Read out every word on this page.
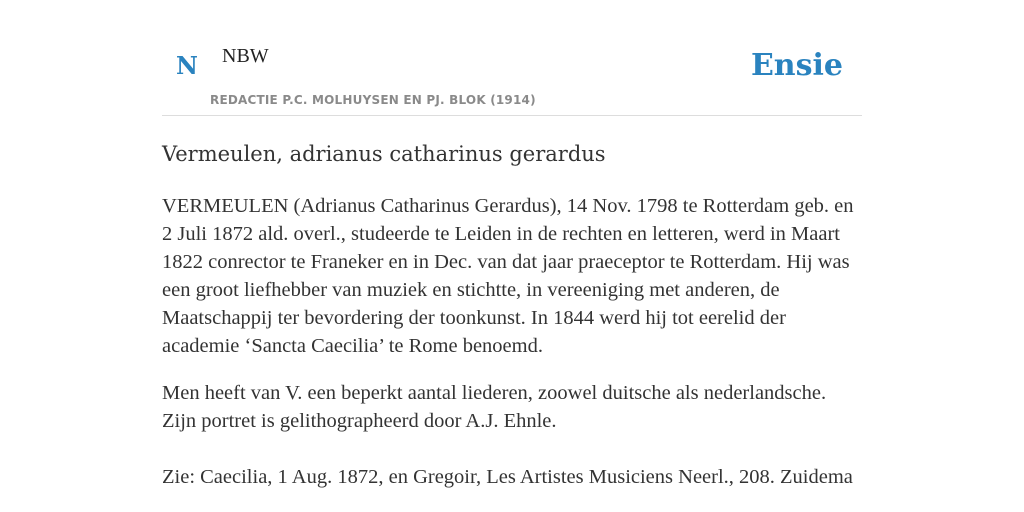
N NBW	Ensie
REDACTIE P.C. MOLHUYSEN EN PJ. BLOK (1914)
Vermeulen, adrianus catharinus gerardus

VERMEULEN (Adrianus Catharinus Gerardus), 14 Nov. 1798 te Rotterdam geb. en 2 Juli 1872 ald. overl., studeerde te Leiden in de rechten en letteren, werd in Maart 1822 conrector te Franeker en in Dec. van dat jaar praeceptor te Rotterdam. Hij was een groot liefhebber van muziek en stichtte, in vereeniging met anderen, de Maatschappij ter bevordering der toonkunst. In 1844 werd hij tot eerelid der academie ‘Sancta Caecilia’ te Rome benoemd.

Men heeft van V. een beperkt aantal liederen, zoowel duitsche als nederlandsche. Zijn portret is gelithographeerd door A.J. Ehnle.

Zie: Caecilia, 1 Aug. 1872, en Gregoir, Les Artistes Musiciens Neerl., 208. Zuidema
